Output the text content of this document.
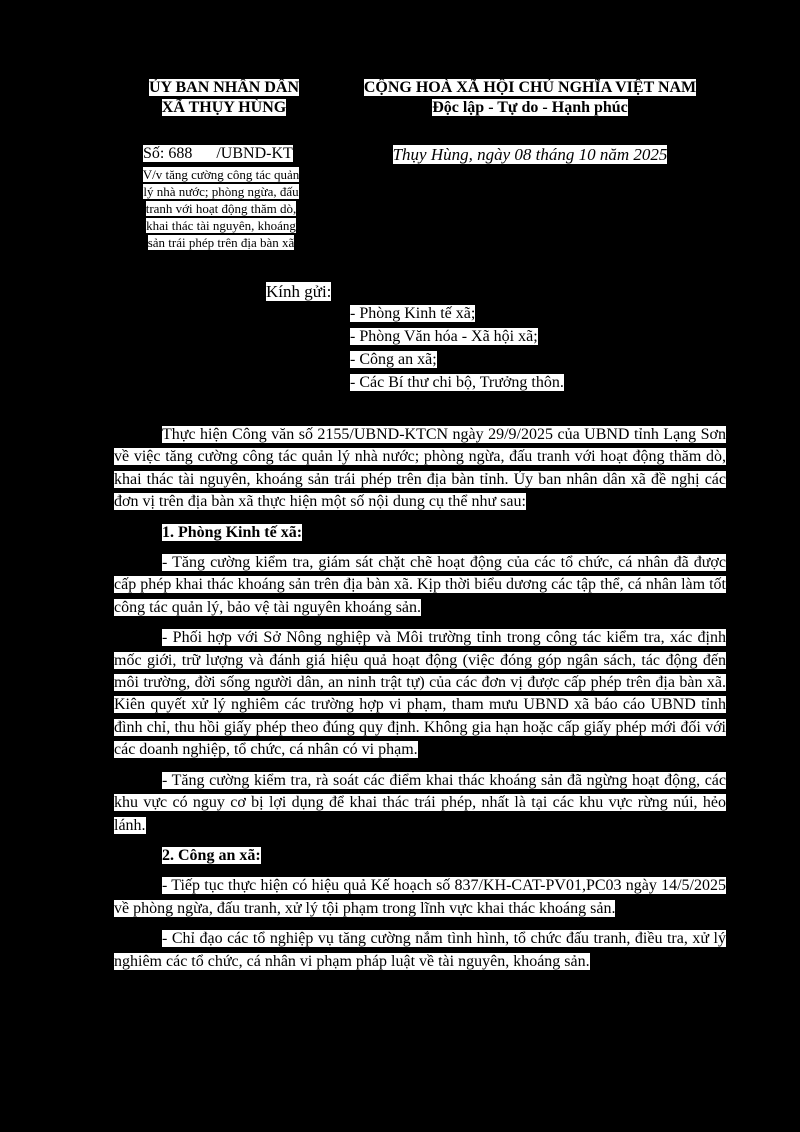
ỦY BAN NHÂN DÂN
XÃ THỤY HÙNG
CỘNG HOÀ XÃ HỘI CHỦ NGHĨA VIỆT NAM
Độc lập - Tự do - Hạnh phúc
Số: 688      /UBND-KT	Thụy Hùng, ngày 08 tháng 10 năm 2025
V/v tăng cường công tác quản
lý nhà nước; phòng ngừa, đấu
tranh với hoạt động thăm dò,
khai thác tài nguyên, khoáng
sản trái phép trên địa bàn xã
Kính gửi:
- Phòng Kinh tế xã;
- Phòng Văn hóa - Xã hội xã;
- Công an xã;
- Các Bí thư chi bộ, Trưởng thôn.

Thực hiện Công văn số 2155/UBND-KTCN ngày 29/9/2025 của UBND tỉnh Lạng Sơn về việc tăng cường công tác quản lý nhà nước; phòng ngừa, đấu tranh với hoạt động thăm dò, khai thác tài nguyên, khoáng sản trái phép trên địa bàn tỉnh. Ủy ban nhân dân xã đề nghị các đơn vị trên địa bàn xã thực hiện một số nội dung cụ thể như sau:

1. Phòng Kinh tế xã:

- Tăng cường kiểm tra, giám sát chặt chẽ hoạt động của các tổ chức, cá nhân đã được cấp phép khai thác khoáng sản trên địa bàn xã. Kịp thời biểu dương các tập thể, cá nhân làm tốt công tác quản lý, bảo vệ tài nguyên khoáng sản.

- Phối hợp với Sở Nông nghiệp và Môi trường tỉnh trong công tác kiểm tra, xác định mốc giới, trữ lượng và đánh giá hiệu quả hoạt động (việc đóng góp ngân sách, tác động đến môi trường, đời sống người dân, an ninh trật tự) của các đơn vị được cấp phép trên địa bàn xã. Kiên quyết xử lý nghiêm các trường hợp vi phạm, tham mưu UBND xã báo cáo UBND tỉnh đình chỉ, thu hồi giấy phép theo đúng quy định. Không gia hạn hoặc cấp giấy phép mới đối với các doanh nghiệp, tổ chức, cá nhân có vi phạm.

- Tăng cường kiểm tra, rà soát các điểm khai thác khoáng sản đã ngừng hoạt động, các khu vực có nguy cơ bị lợi dụng để khai thác trái phép, nhất là tại các khu vực rừng núi, hẻo lánh.

2. Công an xã:

- Tiếp tục thực hiện có hiệu quả Kế hoạch số 837/KH-CAT-PV01,PC03 ngày 14/5/2025 về phòng ngừa, đấu tranh, xử lý tội phạm trong lĩnh vực khai thác khoáng sản.

- Chỉ đạo các tổ nghiệp vụ tăng cường nắm tình hình, tổ chức đấu tranh, điều tra, xử lý nghiêm các tổ chức, cá nhân vi phạm pháp luật về tài nguyên, khoáng sản.
